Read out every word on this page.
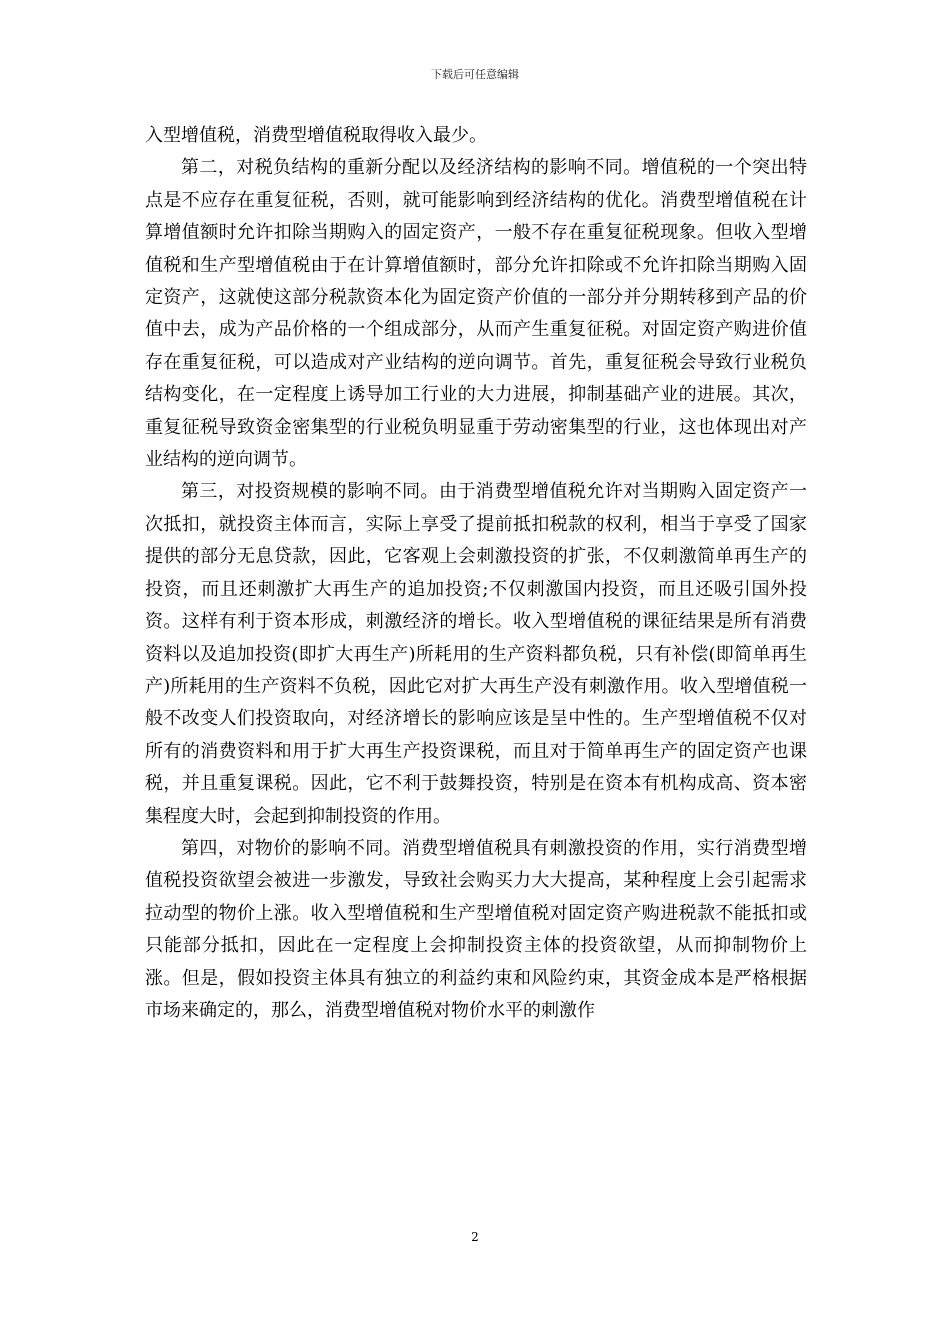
下载后可任意编辑

入型增值税，消费型增值税取得收入最少。

第二，对税负结构的重新分配以及经济结构的影响不同。增值税的一个突出特点是不应存在重复征税，否则，就可能影响到经济结构的优化。消费型增值税在计算增值额时允许扣除当期购入的固定资产，一般不存在重复征税现象。但收入型增值税和生产型增值税由于在计算增值额时，部分允许扣除或不允许扣除当期购入固定资产，这就使这部分税款资本化为固定资产价值的一部分并分期转移到产品的价值中去，成为产品价格的一个组成部分，从而产生重复征税。对固定资产购进价值存在重复征税，可以造成对产业结构的逆向调节。首先，重复征税会导致行业税负结构变化，在一定程度上诱导加工行业的大力进展，抑制基础产业的进展。其次，重复征税导致资金密集型的行业税负明显重于劳动密集型的行业，这也体现出对产业结构的逆向调节。

第三，对投资规模的影响不同。由于消费型增值税允许对当期购入固定资产一次抵扣，就投资主体而言，实际上享受了提前抵扣税款的权利，相当于享受了国家提供的部分无息贷款，因此，它客观上会刺激投资的扩张，不仅刺激简单再生产的投资，而且还刺激扩大再生产的追加投资;不仅刺激国内投资，而且还吸引国外投资。这样有利于资本形成，刺激经济的增长。收入型增值税的课征结果是所有消费资料以及追加投资(即扩大再生产)所耗用的生产资料都负税，只有补偿(即简单再生产)所耗用的生产资料不负税，因此它对扩大再生产没有刺激作用。收入型增值税一般不改变人们投资取向，对经济增长的影响应该是呈中性的。生产型增值税不仅对所有的消费资料和用于扩大再生产投资课税，而且对于简单再生产的固定资产也课税，并且重复课税。因此，它不利于鼓舞投资，特别是在资本有机构成高、资本密集程度大时，会起到抑制投资的作用。

第四，对物价的影响不同。消费型增值税具有刺激投资的作用，实行消费型增值税投资欲望会被进一步激发，导致社会购买力大大提高，某种程度上会引起需求拉动型的物价上涨。收入型增值税和生产型增值税对固定资产购进税款不能抵扣或只能部分抵扣，因此在一定程度上会抑制投资主体的投资欲望，从而抑制物价上涨。但是，假如投资主体具有独立的利益约束和风险约束，其资金成本是严格根据市场来确定的，那么，消费型增值税对物价水平的刺激作

2
